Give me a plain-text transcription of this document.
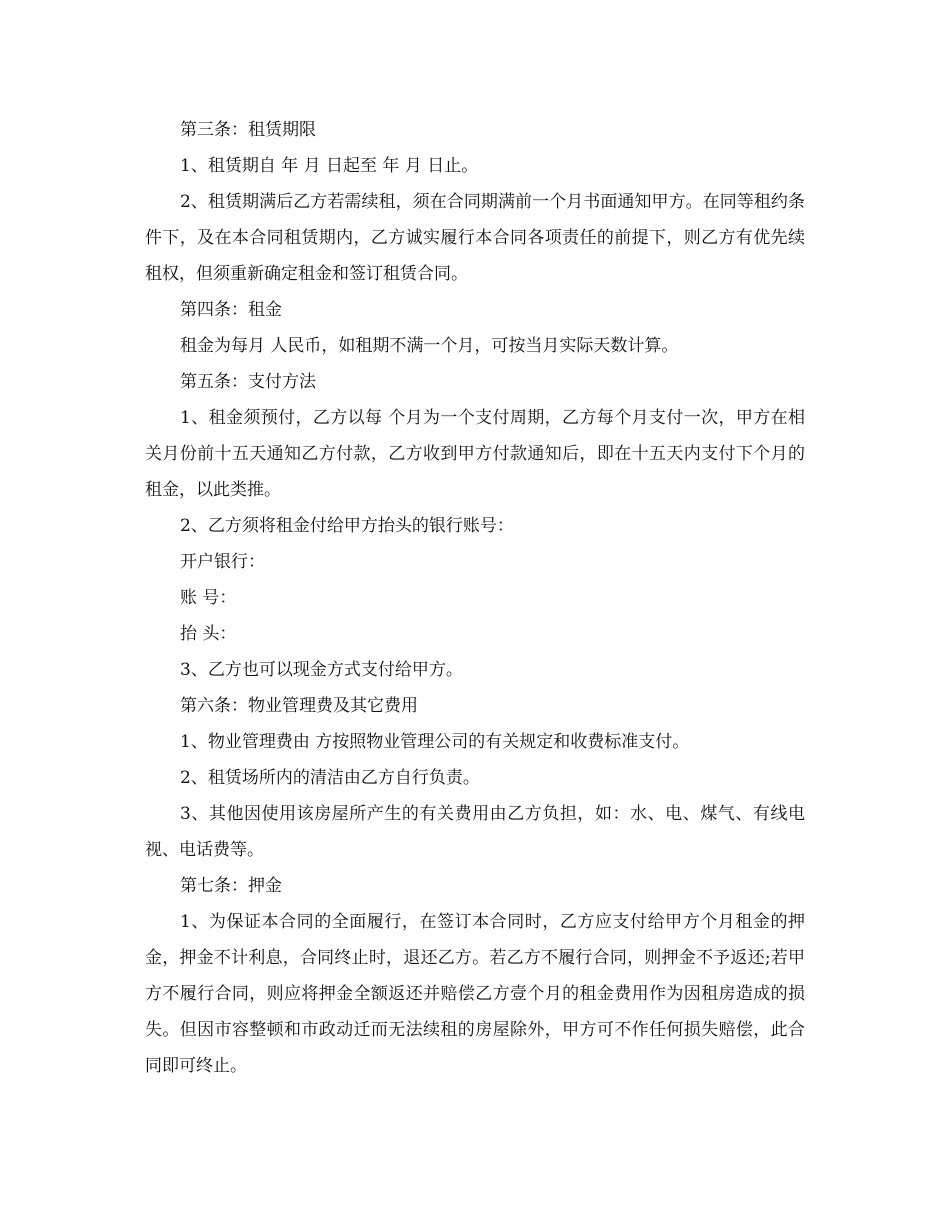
第三条：租赁期限

1、租赁期自 年 月 日起至 年 月 日止。

2、租赁期满后乙方若需续租，须在合同期满前一个月书面通知甲方。在同等租约条件下，及在本合同租赁期内，乙方诚实履行本合同各项责任的前提下，则乙方有优先续租权，但须重新确定租金和签订租赁合同。

第四条：租金

租金为每月 人民币，如租期不满一个月，可按当月实际天数计算。

第五条：支付方法

1、租金须预付，乙方以每 个月为一个支付周期，乙方每个月支付一次，甲方在相关月份前十五天通知乙方付款，乙方收到甲方付款通知后，即在十五天内支付下个月的租金，以此类推。

2、乙方须将租金付给甲方抬头的银行账号：

开户银行：

账 号：

抬 头：

3、乙方也可以现金方式支付给甲方。

第六条：物业管理费及其它费用

1、物业管理费由 方按照物业管理公司的有关规定和收费标准支付。

2、租赁场所内的清洁由乙方自行负责。

3、其他因使用该房屋所产生的有关费用由乙方负担，如：水、电、煤气、有线电视、电话费等。

第七条：押金

1、为保证本合同的全面履行，在签订本合同时，乙方应支付给甲方个月租金的押金，押金不计利息，合同终止时，退还乙方。若乙方不履行合同，则押金不予返还;若甲方不履行合同，则应将押金全额返还并赔偿乙方壹个月的租金费用作为因租房造成的损失。但因市容整顿和市政动迁而无法续租的房屋除外，甲方可不作任何损失赔偿，此合同即可终止。
